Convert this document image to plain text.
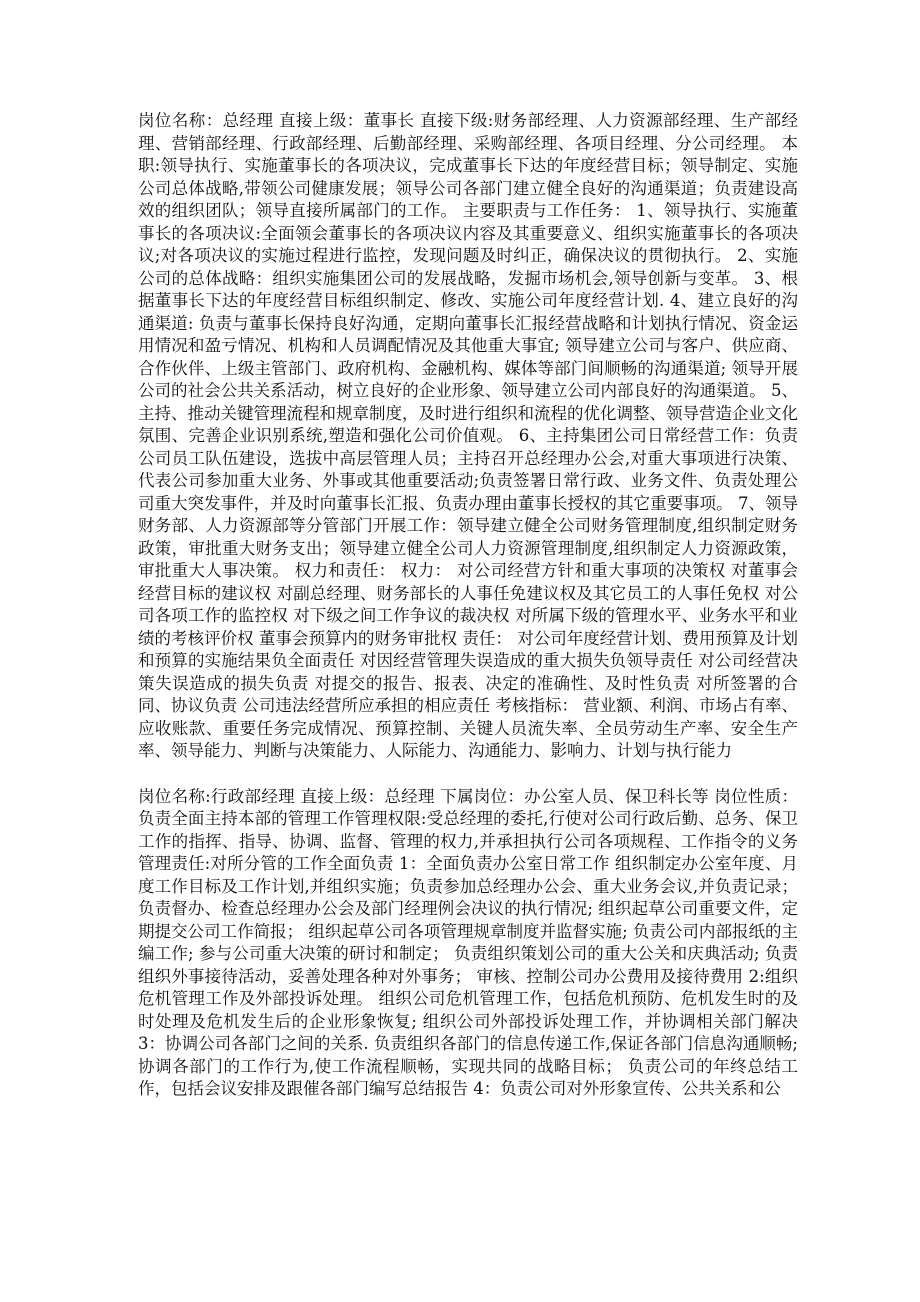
岗位名称：总经理 直接上级：董事长 直接下级:财务部经理、人力资源部经理、生产部经理、营销部经理、行政部经理、后勤部经理、采购部经理、各项目经理、分公司经理。 本职:领导执行、实施董事长的各项决议，完成董事长下达的年度经营目标；领导制定、实施公司总体战略,带领公司健康发展；领导公司各部门建立健全良好的沟通渠道；负责建设高效的组织团队；领导直接所属部门的工作。 主要职责与工作任务： 1、领导执行、实施董事长的各项决议:全面领会董事长的各项决议内容及其重要意义、组织实施董事长的各项决议;对各项决议的实施过程进行监控，发现问题及时纠正，确保决议的贯彻执行。 2、实施公司的总体战略：组织实施集团公司的发展战略，发掘市场机会,领导创新与变革。 3、根据董事长下达的年度经营目标组织制定、修改、实施公司年度经营计划. 4、建立良好的沟通渠道: 负责与董事长保持良好沟通，定期向董事长汇报经营战略和计划执行情况、资金运用情况和盈亏情况、机构和人员调配情况及其他重大事宜; 领导建立公司与客户、供应商、合作伙伴、上级主管部门、政府机构、金融机构、媒体等部门间顺畅的沟通渠道; 领导开展公司的社会公共关系活动，树立良好的企业形象、领导建立公司内部良好的沟通渠道。 5、主持、推动关键管理流程和规章制度，及时进行组织和流程的优化调整、领导营造企业文化氛围、完善企业识别系统,塑造和强化公司价值观。 6、主持集团公司日常经营工作：负责公司员工队伍建设，选拔中高层管理人员；主持召开总经理办公会,对重大事项进行决策、代表公司参加重大业务、外事或其他重要活动;负责签署日常行政、业务文件、负责处理公司重大突发事件，并及时向董事长汇报、负责办理由董事长授权的其它重要事项。 7、领导财务部、人力资源部等分管部门开展工作：领导建立健全公司财务管理制度,组织制定财务政策，审批重大财务支出；领导建立健全公司人力资源管理制度,组织制定人力资源政策，审批重大人事决策。 权力和责任： 权力： 对公司经营方针和重大事项的决策权 对董事会经营目标的建议权 对副总经理、财务部长的人事任免建议权及其它员工的人事任免权 对公司各项工作的监控权 对下级之间工作争议的裁决权 对所属下级的管理水平、业务水平和业绩的考核评价权 董事会预算内的财务审批权 责任： 对公司年度经营计划、费用预算及计划和预算的实施结果负全面责任 对因经营管理失误造成的重大损失负领导责任 对公司经营决策失误造成的损失负责 对提交的报告、报表、决定的准确性、及时性负责 对所签署的合同、协议负责 公司违法经营所应承担的相应责任 考核指标： 营业额、利润、市场占有率、应收账款、重要任务完成情况、预算控制、关键人员流失率、全员劳动生产率、安全生产率、领导能力、判断与决策能力、人际能力、沟通能力、影响力、计划与执行能力

岗位名称:行政部经理 直接上级：总经理 下属岗位：办公室人员、保卫科长等 岗位性质：负责全面主持本部的管理工作管理权限:受总经理的委托,行使对公司行政后勤、总务、保卫工作的指挥、指导、协调、监督、管理的权力,并承担执行公司各项规程、工作指令的义务管理责任:对所分管的工作全面负责 1：全面负责办公室日常工作 组织制定办公室年度、月度工作目标及工作计划,并组织实施；负责参加总经理办公会、重大业务会议,并负责记录；负责督办、检查总经理办公会及部门经理例会决议的执行情况; 组织起草公司重要文件，定期提交公司工作简报； 组织起草公司各项管理规章制度并监督实施; 负责公司内部报纸的主编工作; 参与公司重大决策的研讨和制定； 负责组织策划公司的重大公关和庆典活动; 负责组织外事接待活动，妥善处理各种对外事务； 审核、控制公司办公费用及接待费用 2:组织危机管理工作及外部投诉处理。 组织公司危机管理工作，包括危机预防、危机发生时的及时处理及危机发生后的企业形象恢复; 组织公司外部投诉处理工作，并协调相关部门解决 3：协调公司各部门之间的关系. 负责组织各部门的信息传递工作,保证各部门信息沟通顺畅; 协调各部门的工作行为,使工作流程顺畅，实现共同的战略目标； 负责公司的年终总结工作，包括会议安排及跟催各部门编写总结报告 4：负责公司对外形象宣传、公共关系和公
